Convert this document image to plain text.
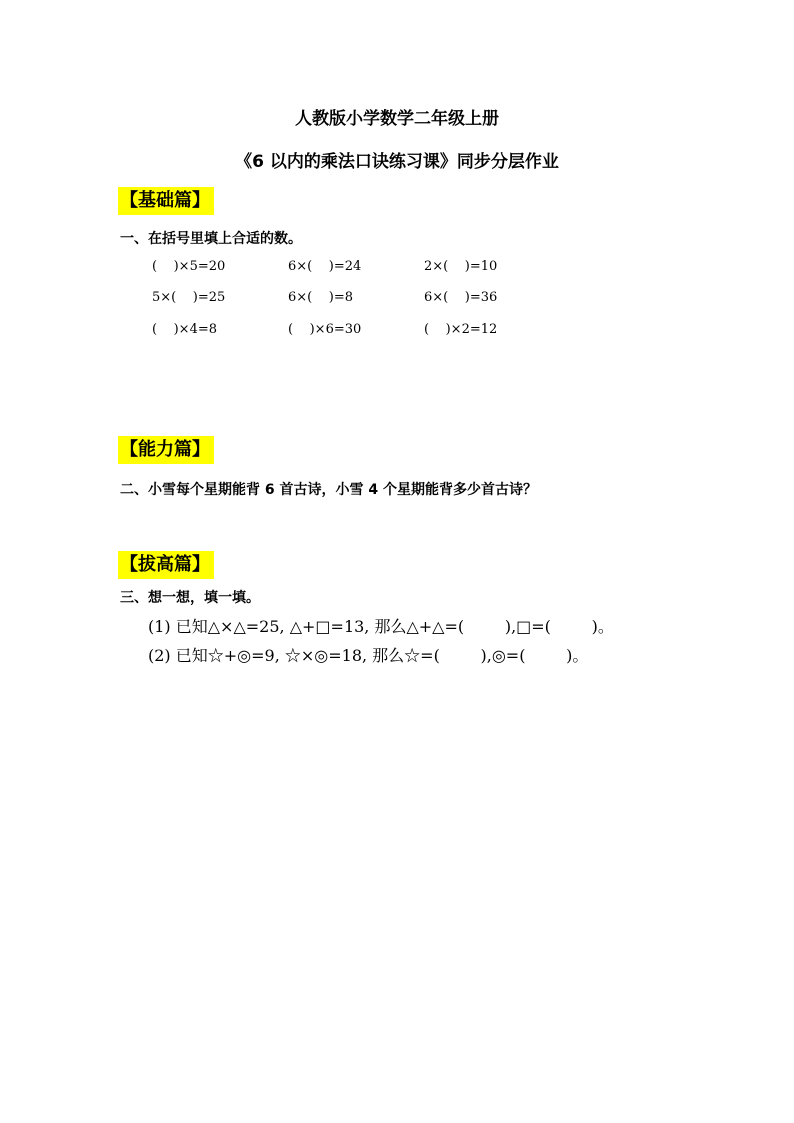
人教版小学数学二年级上册
《6 以内的乘法口诀练习课》同步分层作业
【基础篇】
一、在括号里填上合适的数。
(    )×5=20	6×(    )=24	2×(    )=10
5×(    )=25	6×(    )=8	6×(    )=36
(    )×4=8	(    )×6=30	(    )×2=12
【能力篇】
二、小雪每个星期能背 6 首古诗，小雪 4 个星期能背多少首古诗？
【拔高篇】
三、想一想，填一填。
(1) 已知△×△=25, △+□=13, 那么△+△=(        ),□=(        )。
(2) 已知☆+◎=9, ☆×◎=18, 那么☆=(        ),◎=(        )。
